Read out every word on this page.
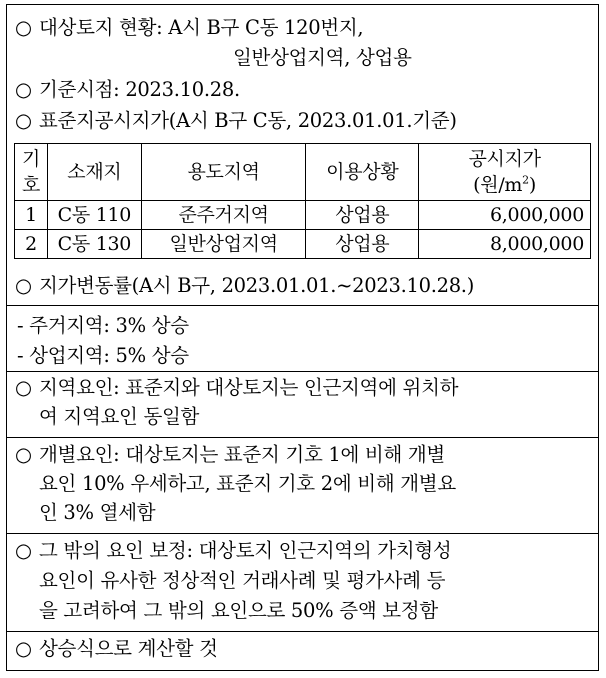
○ 대상토지 현황: A시 B구 C동 120번지,
일반상업지역, 상업용
○ 기준시점: 2023.10.28.
○ 표준지공시지가(A시 B구 C동, 2023.01.01.기준)
기
호	소재지	용도지역	이용상황	공시지가
(원$/m^2$)
1	C동 110	준주거지역	상업용	6,000,000
2	C동 130	일반상업지역	상업용	8,000,000
○ 지가변동률(A시 B구, 2023.01.01.~2023.10.28.)
- 주거지역: 3% 상승
- 상업지역: 5% 상승
○ 지역요인: 표준지와 대상토지는 인근지역에 위치하
여 지역요인 동일함
○ 개별요인: 대상토지는 표준지 기호 1에 비해 개별
요인 10% 우세하고, 표준지 기호 2에 비해 개별요
인 3% 열세함
○ 그 밖의 요인 보정: 대상토지 인근지역의 가치형성
요인이 유사한 정상적인 거래사례 및 평가사례 등
을 고려하여 그 밖의 요인으로 50% 증액 보정함
○ 상승식으로 계산할 것
